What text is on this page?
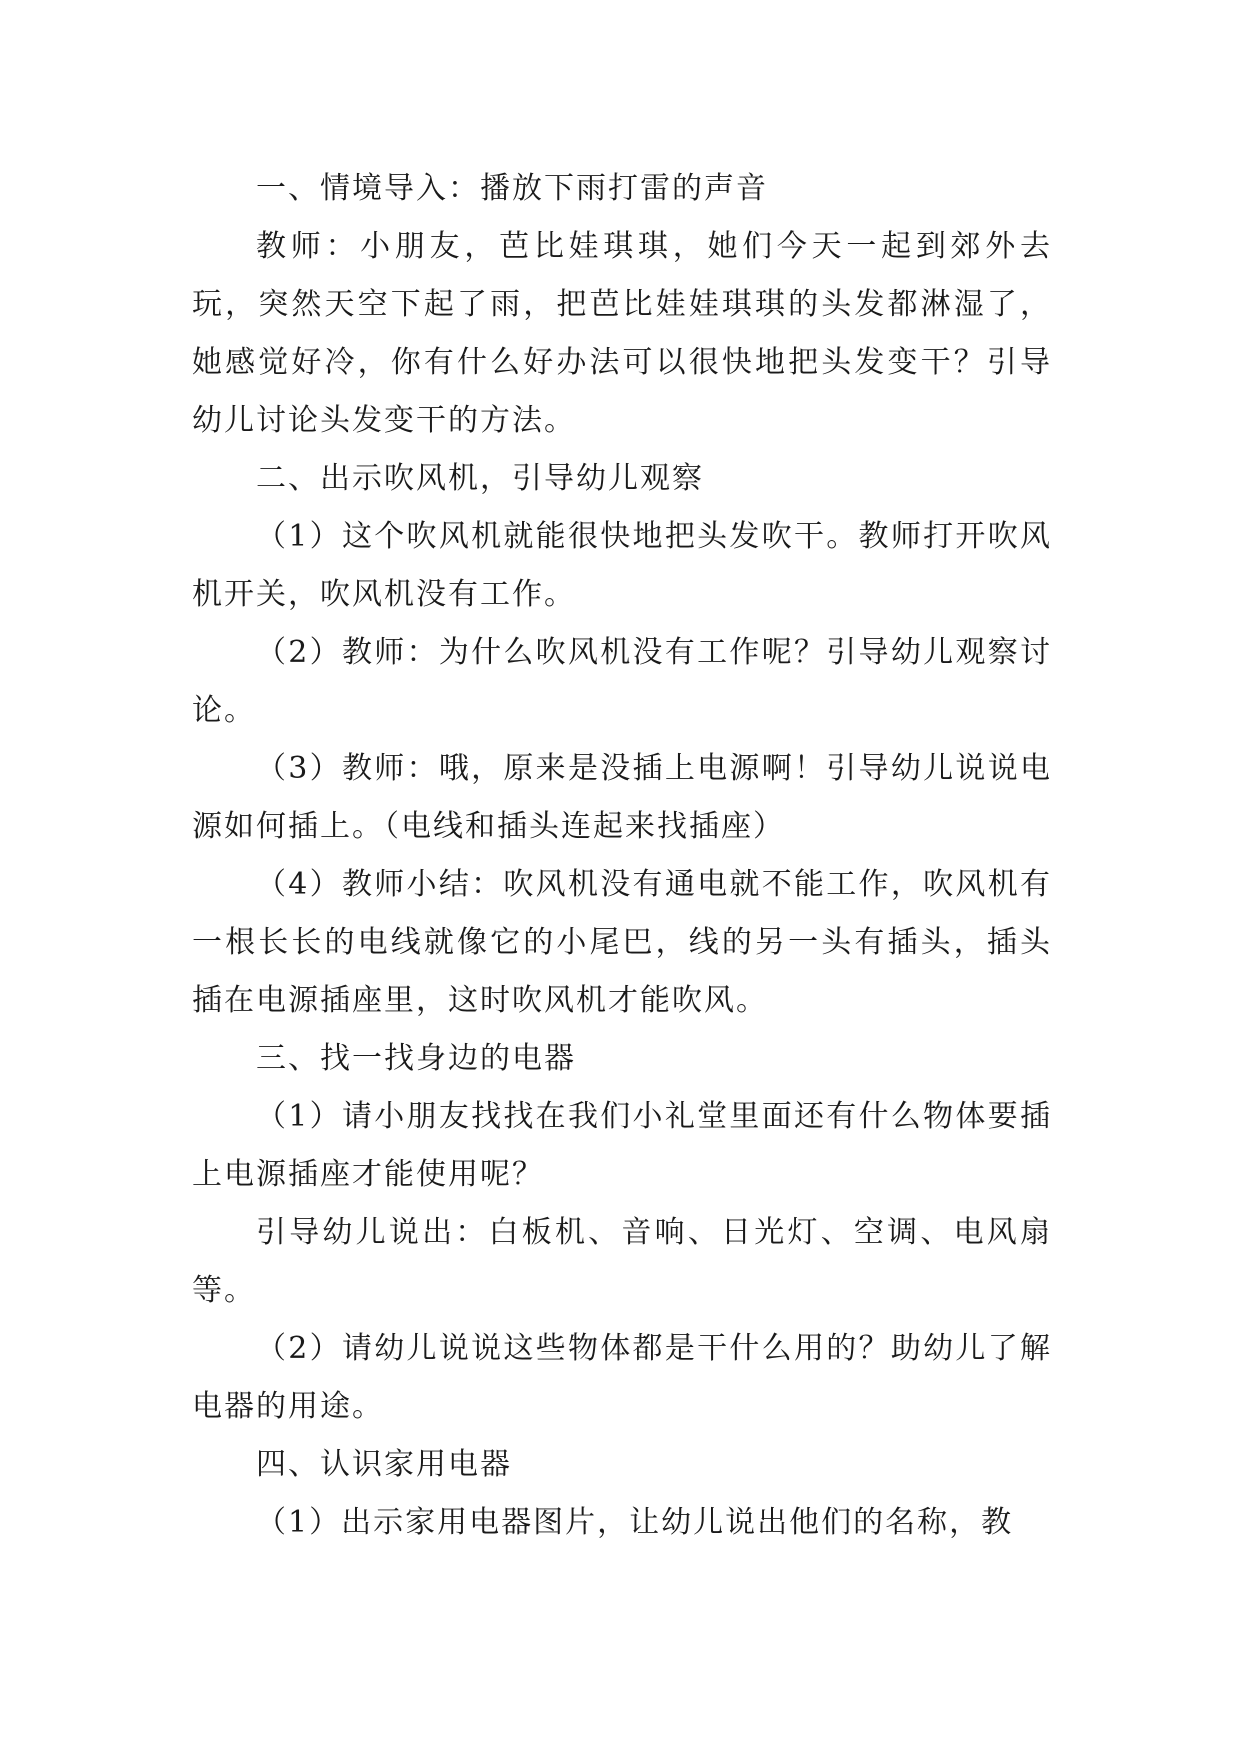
一、情境导入：播放下雨打雷的声音

教师：小朋友，芭比娃琪琪，她们今天一起到郊外去玩，突然天空下起了雨，把芭比娃娃琪琪的头发都淋湿了，她感觉好冷，你有什么好办法可以很快地把头发变干？引导幼儿讨论头发变干的方法。

二、出示吹风机，引导幼儿观察

（1）这个吹风机就能很快地把头发吹干。教师打开吹风机开关，吹风机没有工作。

（2）教师：为什么吹风机没有工作呢？引导幼儿观察讨论。

（3）教师：哦，原来是没插上电源啊！引导幼儿说说电源如何插上。（电线和插头连起来找插座）

（4）教师小结：吹风机没有通电就不能工作，吹风机有一根长长的电线就像它的小尾巴，线的另一头有插头，插头插在电源插座里，这时吹风机才能吹风。

三、找一找身边的电器

（1）请小朋友找找在我们小礼堂里面还有什么物体要插上电源插座才能使用呢？

引导幼儿说出：白板机、音响、日光灯、空调、电风扇等。

（2）请幼儿说说这些物体都是干什么用的？助幼儿了解电器的用途。

四、认识家用电器

（1）出示家用电器图片，让幼儿说出他们的名称，教
